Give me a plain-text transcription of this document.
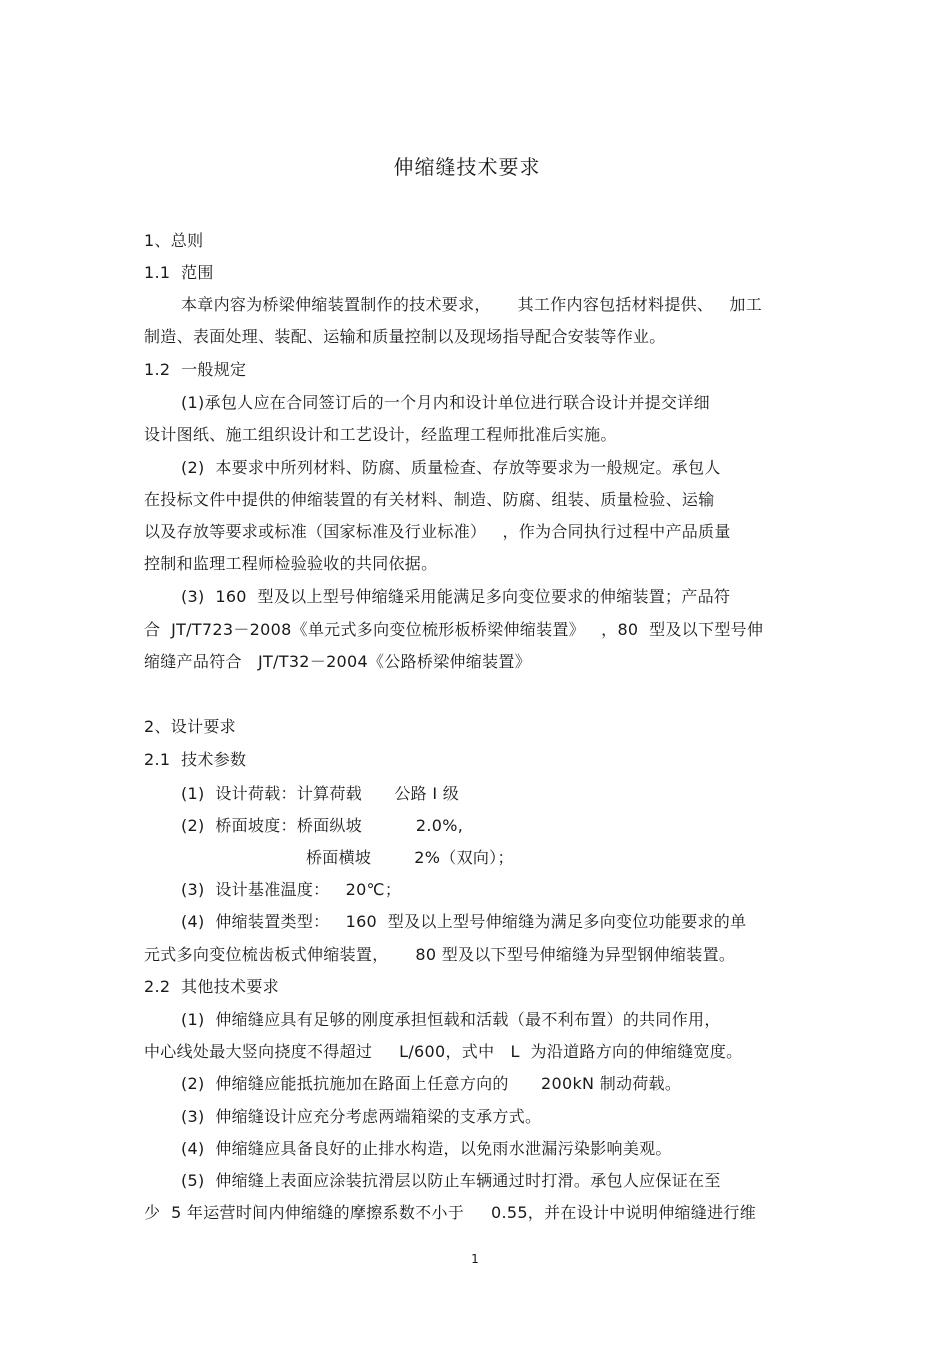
伸缩缝技术要求
1、总则
1.1  范围
本章内容为桥梁伸缩装置制作的技术要求，     其工作内容包括材料提供、   加工
制造、表面处理、装配、运输和质量控制以及现场指导配合安装等作业。
1.2  一般规定
(1)承包人应在合同签订后的一个月内和设计单位进行联合设计并提交详细
设计图纸、施工组织设计和工艺设计，经监理工程师批准后实施。
(2)  本要求中所列材料、防腐、质量检查、存放等要求为一般规定。承包人
在投标文件中提供的伸缩装置的有关材料、制造、防腐、组装、质量检验、运输
以及存放等要求或标准（国家标准及行业标准）   ，作为合同执行过程中产品质量
控制和监理工程师检验验收的共同依据。
(3)  160  型及以上型号伸缩缝采用能满足多向变位要求的伸缩装置；产品符
合  JT/T723－2008《单元式多向变位梳形板桥梁伸缩装置》   ，80  型及以下型号伸
缩缝产品符合   JT/T32－2004《公路桥梁伸缩装置》
2、设计要求
2.1  技术参数
(1)  设计荷载：计算荷载      公路 I 级
(2)  桥面坡度：桥面纵坡          2.0%,
桥面横坡        2%（双向）；
(3)  设计基准温度：   20℃；
(4)  伸缩装置类型：   160  型及以上型号伸缩缝为满足多向变位功能要求的单
元式多向变位梳齿板式伸缩装置，     80 型及以下型号伸缩缝为异型钢伸缩装置。
2.2  其他技术要求
(1)  伸缩缝应具有足够的刚度承担恒载和活载（最不利布置）的共同作用，
中心线处最大竖向挠度不得超过     L/600，式中   L  为沿道路方向的伸缩缝宽度。
(2)  伸缩缝应能抵抗施加在路面上任意方向的      200kN 制动荷载。
(3)  伸缩缝设计应充分考虑两端箱梁的支承方式。
(4)  伸缩缝应具备良好的止排水构造，以免雨水泄漏污染影响美观。
(5)  伸缩缝上表面应涂装抗滑层以防止车辆通过时打滑。承包人应保证在至
少  5 年运营时间内伸缩缝的摩擦系数不小于     0.55，并在设计中说明伸缩缝进行维
1
